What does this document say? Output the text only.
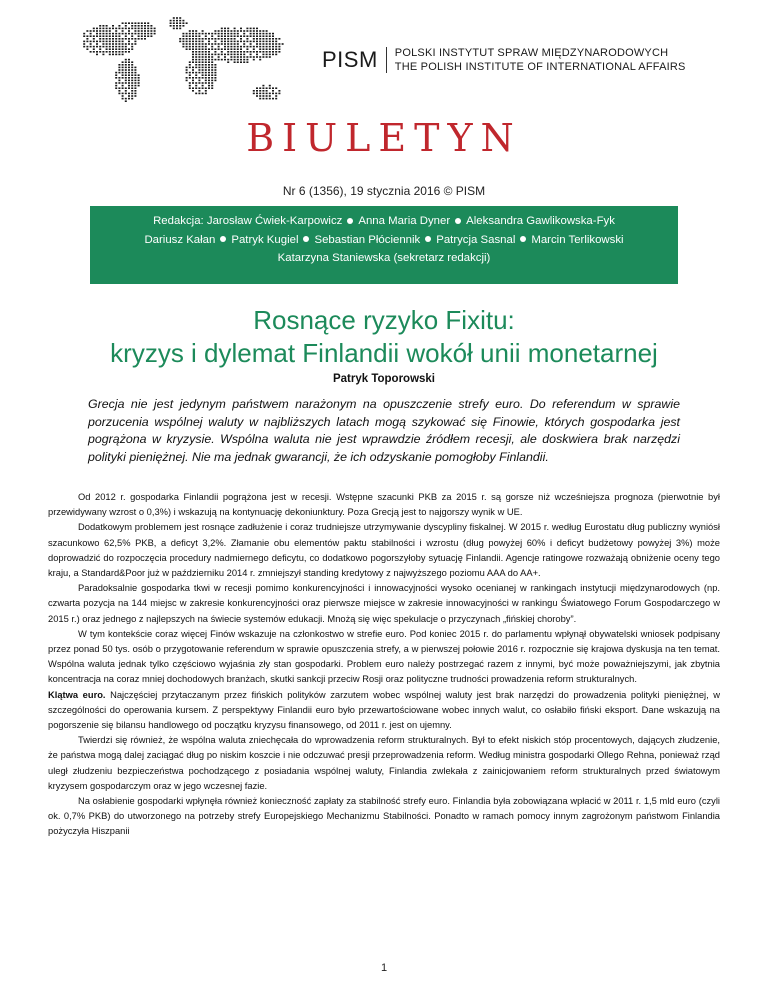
PISM	POLSKI INSTYTUT SPRAW MIĘDZYNARODOWYCH
THE POLISH INSTITUTE OF INTERNATIONAL AFFAIRS
BIULETYN
Nr 6 (1356), 19 stycznia 2016 © PISM
Redakcja: Jarosław Ćwiek-Karpowicz Anna Maria Dyner Aleksandra Gawlikowska-Fyk
Dariusz Kałan Patryk Kugiel Sebastian Płóciennik Patrycja Sasnal Marcin Terlikowski
Katarzyna Staniewska (sekretarz redakcji)
Rosnące ryzyko Fixitu:
kryzys i dylemat Finlandii wokół unii monetarnej
Patryk Toporowski
Grecja nie jest jedynym państwem narażonym na opuszczenie strefy euro. Do referendum w sprawie porzucenia wspólnej waluty w najbliższych latach mogą szykować się Finowie, których gospodarka jest pogrążona w kryzysie. Wspólna waluta nie jest wprawdzie źródłem recesji, ale doskwiera brak narzędzi polityki pieniężnej. Nie ma jednak gwarancji, że ich odzyskanie pomogłoby Finlandii.

Od 2012 r. gospodarka Finlandii pogrążona jest w recesji. Wstępne szacunki PKB za 2015 r. są gorsze niż wcześniejsza prognoza (pierwotnie był przewidywany wzrost o 0,3%) i wskazują na kontynuację dekoniunktury. Poza Grecją jest to najgorszy wynik w UE.

Dodatkowym problemem jest rosnące zadłużenie i coraz trudniejsze utrzymywanie dyscypliny fiskalnej. W 2015 r. według Eurostatu dług publiczny wyniósł szacunkowo 62,5% PKB, a deficyt 3,2%. Złamanie obu elementów paktu stabilności i wzrostu (dług powyżej 60% i deficyt budżetowy powyżej 3%) może doprowadzić do rozpoczęcia procedury nadmiernego deficytu, co dodatkowo pogorszyłoby sytuację Finlandii. Agencje ratingowe rozważają obniżenie oceny tego kraju, a Standard&Poor już w październiku 2014 r. zmniejszył standing kredytowy z najwyższego poziomu AAA do AA+.

Paradoksalnie gospodarka tkwi w recesji pomimo konkurencyjności i innowacyjności wysoko ocenianej w rankingach instytucji międzynarodowych (np. czwarta pozycja na 144 miejsc w zakresie konkurencyjności oraz pierwsze miejsce w zakresie innowacyjności w rankingu Światowego Forum Gospodarczego w 2015 r.) oraz jednego z najlepszych na świecie systemów edukacji. Mnożą się więc spekulacje o przyczynach „fińskiej choroby”.

W tym kontekście coraz więcej Finów wskazuje na członkostwo w strefie euro. Pod koniec 2015 r. do parlamentu wpłynął obywatelski wniosek podpisany przez ponad 50 tys. osób o przygotowanie referendum w sprawie opuszczenia strefy, a w pierwszej połowie 2016 r. rozpocznie się krajowa dyskusja na ten temat. Wspólna waluta jednak tylko częściowo wyjaśnia zły stan gospodarki. Problem euro należy postrzegać razem z innymi, być może poważniejszymi, jak zbytnia koncentracja na coraz mniej dochodowych branżach, skutki sankcji przeciw Rosji oraz polityczne trudności prowadzenia reform strukturalnych.

Klątwa euro. Najczęściej przytaczanym przez fińskich polityków zarzutem wobec wspólnej waluty jest brak narzędzi do prowadzenia polityki pieniężnej, w szczególności do operowania kursem. Z perspektywy Finlandii euro było przewartościowane wobec innych walut, co osłabiło fiński eksport. Dane wskazują na pogorszenie się bilansu handlowego od początku kryzysu finansowego, od 2011 r. jest on ujemny.

Twierdzi się również, że wspólna waluta zniechęcała do wprowadzenia reform strukturalnych. Był to efekt niskich stóp procentowych, dających złudzenie, że państwa mogą dalej zaciągać dług po niskim koszcie i nie odczuwać presji przeprowadzenia reform. Według ministra gospodarki Ollego Rehna, ponieważ rząd uległ złudzeniu bezpieczeństwa pochodzącego z posiadania wspólnej waluty, Finlandia zwlekała z zainicjowaniem reform strukturalnych przed światowym kryzysem gospodarczym oraz w jego wczesnej fazie.

Na osłabienie gospodarki wpłynęła również konieczność zapłaty za stabilność strefy euro. Finlandia była zobowiązana wpłacić w 2011 r. 1,5 mld euro (czyli ok. 0,7% PKB) do utworzonego na potrzeby strefy Europejskiego Mechanizmu Stabilności. Ponadto w ramach pomocy innym zagrożonym państwom Finlandia pożyczyła Hiszpanii

1
